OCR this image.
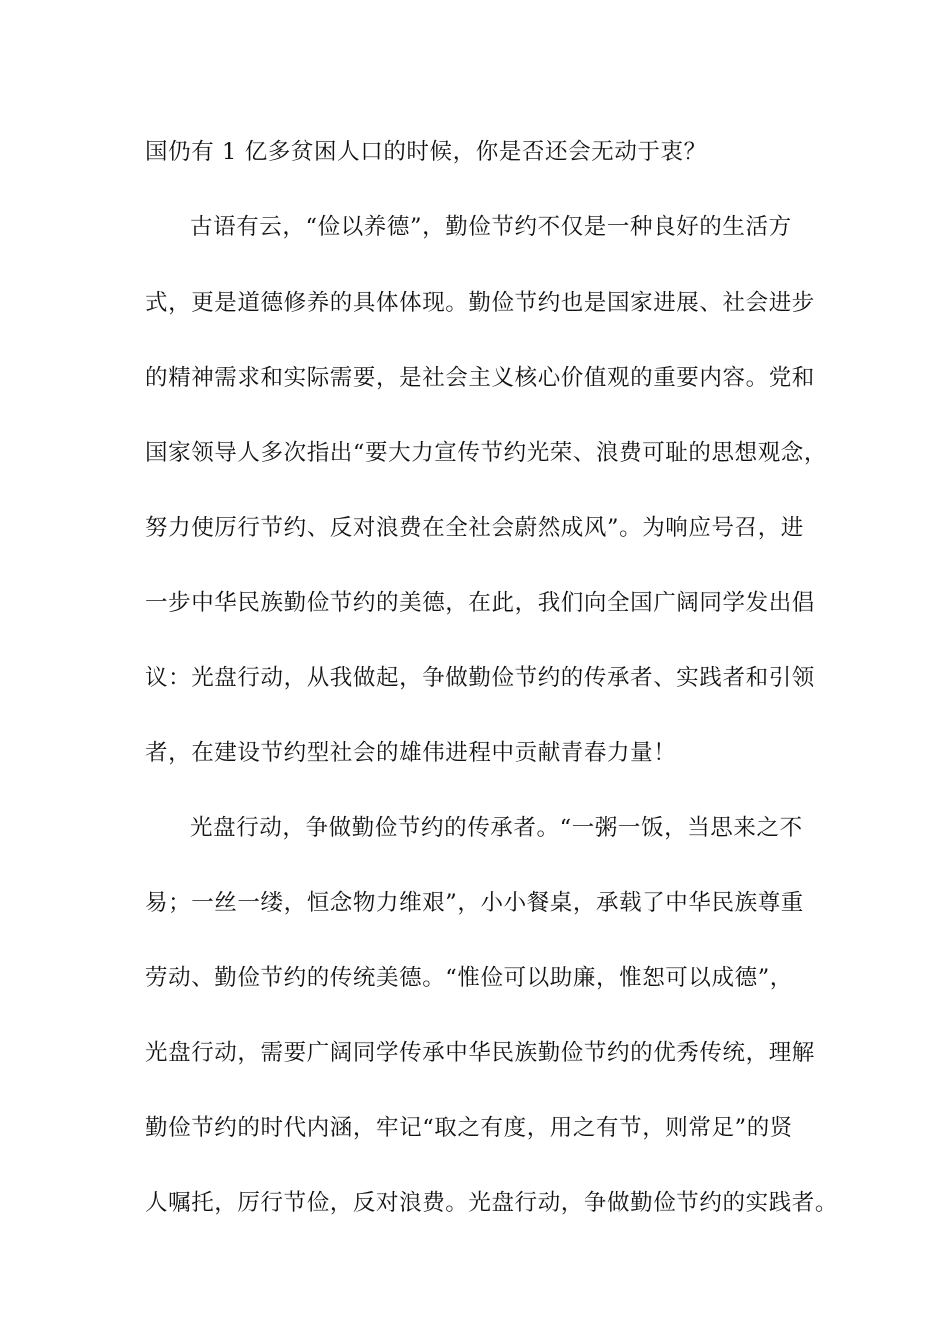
国仍有 1 亿多贫困人口的时候，你是否还会无动于衷？
古语有云，“俭以养德”，勤俭节约不仅是一种良好的生活方
式，更是道德修养的具体体现。勤俭节约也是国家进展、社会进步
的精神需求和实际需要，是社会主义核心价值观的重要内容。党和
国家领导人多次指出“要大力宣传节约光荣、浪费可耻的思想观念，
努力使厉行节约、反对浪费在全社会蔚然成风”。为响应号召，进
一步中华民族勤俭节约的美德，在此，我们向全国广阔同学发出倡
议：光盘行动，从我做起，争做勤俭节约的传承者、实践者和引领
者，在建设节约型社会的雄伟进程中贡献青春力量！
光盘行动，争做勤俭节约的传承者。“一粥一饭，当思来之不
易；一丝一缕，恒念物力维艰”，小小餐桌，承载了中华民族尊重
劳动、勤俭节约的传统美德。“惟俭可以助廉，惟恕可以成德”，
光盘行动，需要广阔同学传承中华民族勤俭节约的优秀传统，理解
勤俭节约的时代内涵，牢记“取之有度，用之有节，则常足”的贤
人嘱托，厉行节俭，反对浪费。光盘行动，争做勤俭节约的实践者。
